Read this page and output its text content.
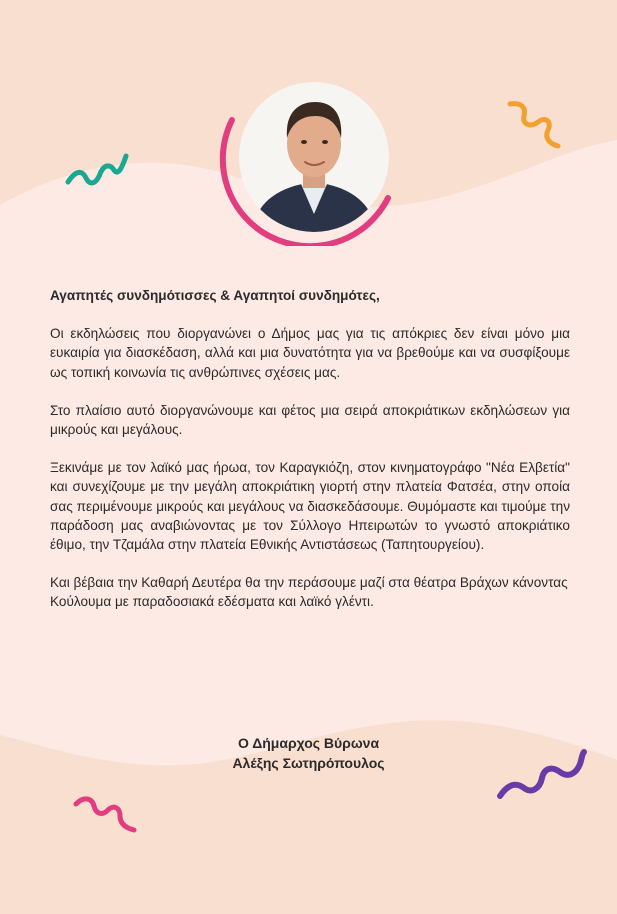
Αγαπητές συνδημότισσες & Αγαπητοί συνδημότες,

Οι εκδηλώσεις που διοργανώνει ο Δήμος μας για τις απόκριες δεν είναι μόνο μια ευκαιρία για διασκέδαση, αλλά και μια δυνατότητα για να βρεθούμε και να συσφίξουμε ως τοπική κοινωνία τις ανθρώπινες σχέσεις μας.

Στο πλαίσιο αυτό διοργανώνουμε και φέτος μια σειρά αποκριάτικων εκδηλώσεων για μικρούς και μεγάλους.

Ξεκινάμε με τον λαϊκό μας ήρωα, τον Καραγκιόζη, στον κινηματογράφο "Νέα Ελβετία" και συνεχίζουμε με την μεγάλη αποκριάτικη γιορτή στην πλατεία Φατσέα, στην οποία σας περιμένουμε μικρούς και μεγάλους να διασκεδάσουμε. Θυμόμαστε και τιμούμε την παράδοση μας αναβιώνοντας με τον Σύλλογο Ηπειρωτών το γνωστό αποκριάτικο έθιμο, την Τζαμάλα στην πλατεία Εθνικής Αντιστάσεως (Ταπητουργείου).

Και βέβαια την Καθαρή Δευτέρα θα την περάσουμε μαζί στα θέατρα Βράχων κάνοντας Κούλουμα με παραδοσιακά εδέσματα και λαϊκό γλέντι.

Ο Δήμαρχος Βύρωνα
Αλέξης Σωτηρόπουλος
